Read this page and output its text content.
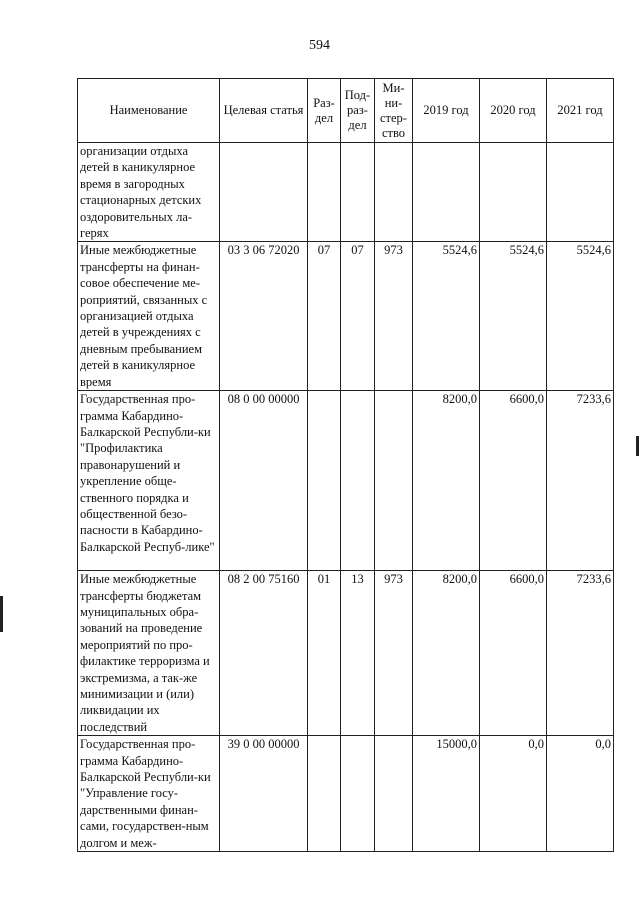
594
Наименование	Целевая статья	Раз-дел	Под-раз-дел	Ми-ни-стер-ство	2019 год	2020 год	2021 год
организации отдыха детей в каникулярное время в загородных стационарных детских оздоровительных ла-герях							
Иные межбюджетные трансферты на финан-совое обеспечение ме-роприятий, связанных с организацией отдыха детей в учреждениях с дневным пребыванием детей в каникулярное время	03 3 06 72020	07	07	973	5524,6	5524,6	5524,6
Государственная про-грамма Кабардино-Балкарской Республи-ки "Профилактика правонарушений и укрепление обще-ственного порядка и общественной безо-пасности в Кабардино-Балкарской Респуб-лике"	08 0 00 00000				8200,0	6600,0	7233,6
Иные межбюджетные трансферты бюджетам муниципальных обра-зований на проведение мероприятий по про-филактике терроризма и экстремизма, а так-же минимизации и (или) ликвидации их последствий	08 2 00 75160	01	13	973	8200,0	6600,0	7233,6
Государственная про-грамма Кабардино-Балкарской Республи-ки "Управление госу-дарственными финан-сами, государствен-ным долгом и меж-	39 0 00 00000				15000,0	0,0	0,0
